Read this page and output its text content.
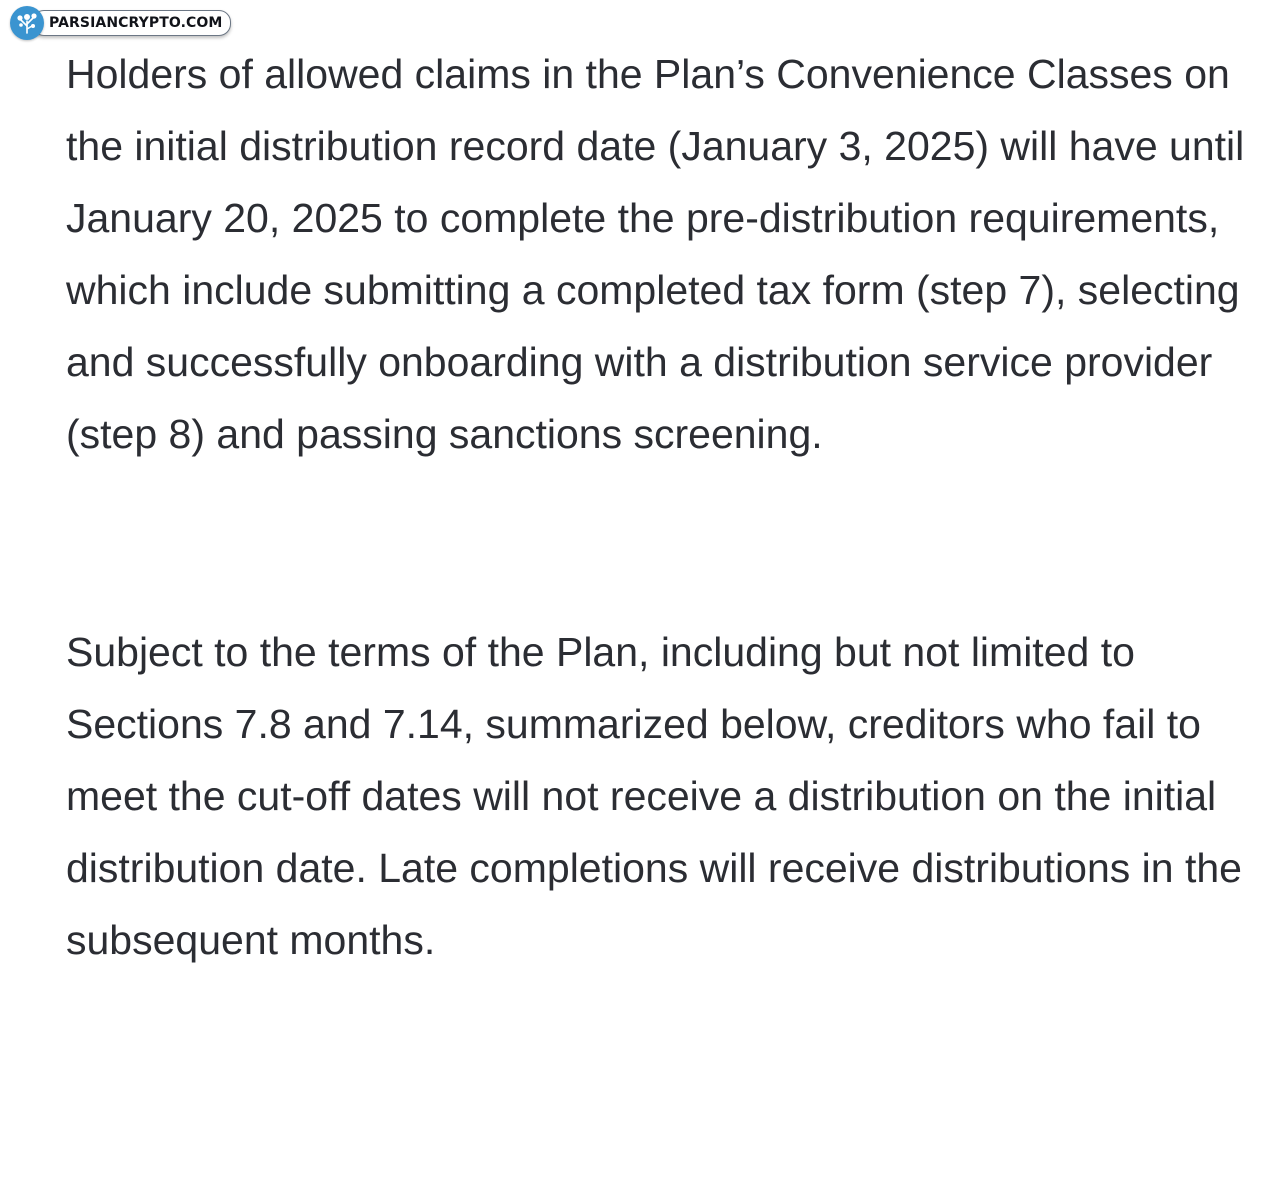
PARSIANCRYPTO.COM

Holders of allowed claims in the Plan’s Convenience Classes on the initial distribution record date (January 3, 2025) will have until January 20, 2025 to complete the pre-distribution requirements, which include submitting a completed tax form (step 7), selecting and successfully onboarding with a distribution service provider (step 8) and passing sanctions screening.

Subject to the terms of the Plan, including but not limited to Sections 7.8 and 7.14, summarized below, creditors who fail to meet the cut-off dates will not receive a distribution on the initial distribution date. Late completions will receive distributions in the subsequent months.
